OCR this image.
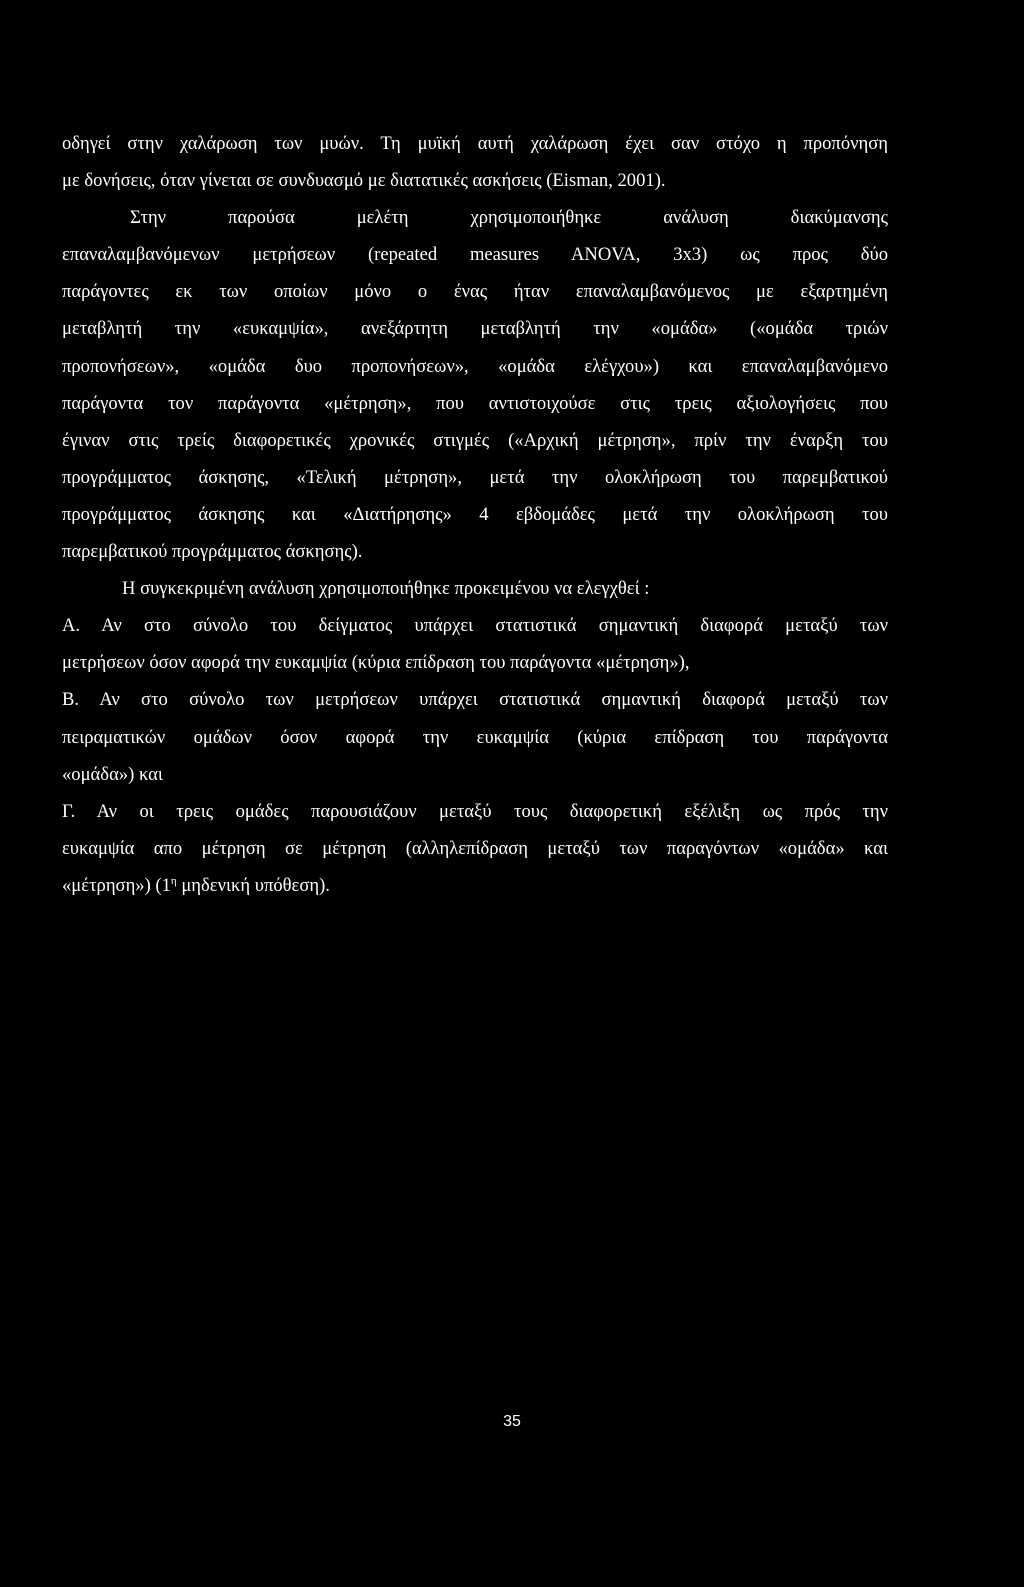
οδηγεί στην χαλάρωση των μυών. Τη μυϊκή αυτή χαλάρωση έχει σαν στόχο η προπόνηση
με δονήσεις, όταν γίνεται σε συνδυασμό με διατατικές ασκήσεις (Eisman, 2001).
Στην παρούσα μελέτη χρησιμοποιήθηκε ανάλυση διακύμανσης
επαναλαμβανόμενων μετρήσεων (repeated measures ANOVA, 3x3) ως προς δύο
παράγοντες εκ των οποίων μόνο ο ένας ήταν επαναλαμβανόμενος με εξαρτημένη
μεταβλητή την «ευκαμψία», ανεξάρτητη μεταβλητή την «ομάδα» («ομάδα τριών
προπονήσεων», «ομάδα δυο προπονήσεων», «ομάδα ελέγχου») και επαναλαμβανόμενο
παράγοντα τον παράγοντα «μέτρηση», που αντιστοιχούσε στις τρεις αξιολογήσεις που
έγιναν στις τρείς διαφορετικές χρονικές στιγμές («Αρχική μέτρηση», πρίν την έναρξη του
προγράμματος άσκησης, «Τελική μέτρηση», μετά την ολοκλήρωση του παρεμβατικού
προγράμματος άσκησης και «Διατήρησης» 4 εβδομάδες μετά την ολοκλήρωση του
παρεμβατικού προγράμματος άσκησης).
Η συγκεκριμένη ανάλυση χρησιμοποιήθηκε προκειμένου να ελεγχθεί :
Α. Αν στο σύνολο του δείγματος υπάρχει στατιστικά σημαντική διαφορά μεταξύ των
μετρήσεων όσον αφορά την ευκαμψία (κύρια επίδραση του παράγοντα «μέτρηση»),
Β. Αν στο σύνολο των μετρήσεων υπάρχει στατιστικά σημαντική διαφορά μεταξύ των
πειραματικών ομάδων όσον αφορά την ευκαμψία (κύρια επίδραση του παράγοντα
«ομάδα») και
Γ. Αν οι τρεις ομάδες παρουσιάζουν μεταξύ τους διαφορετική εξέλιξη ως πρός την
ευκαμψία απο μέτρηση σε μέτρηση (αλληλεπίδραση μεταξύ των παραγόντων «ομάδα» και
«μέτρηση») ($1^\eta$ μηδενική υπόθεση).
35
